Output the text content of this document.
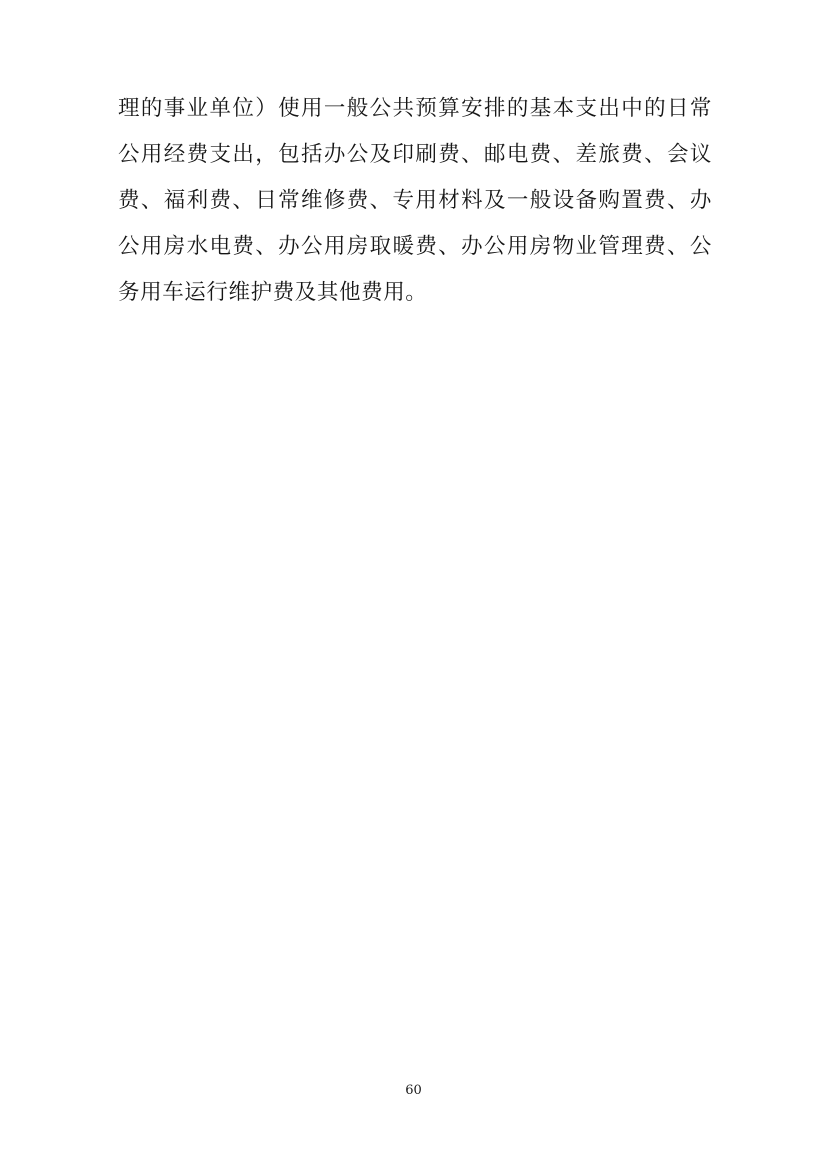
理的事业单位）使用一般公共预算安排的基本支出中的日常公用经费支出，包括办公及印刷费、邮电费、差旅费、会议费、福利费、日常维修费、专用材料及一般设备购置费、办公用房水电费、办公用房取暖费、办公用房物业管理费、公务用车运行维护费及其他费用。

60
